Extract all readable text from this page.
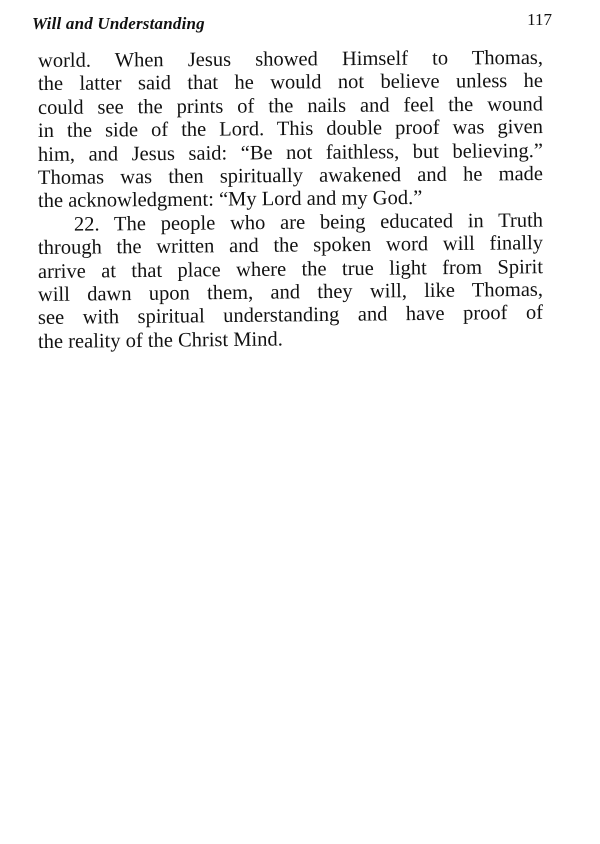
Will and Understanding	117
world. When Jesus showed Himself to Thomas,
the latter said that he would not believe unless he
could see the prints of the nails and feel the wound
in the side of the Lord. This double proof was given
him, and Jesus said: “Be not faithless, but believing.”
Thomas was then spiritually awakened and he made
the acknowledgment: “My Lord and my God.”
22. The people who are being educated in Truth
through the written and the spoken word will finally
arrive at that place where the true light from Spirit
will dawn upon them, and they will, like Thomas,
see with spiritual understanding and have proof of
the reality of the Christ Mind.
